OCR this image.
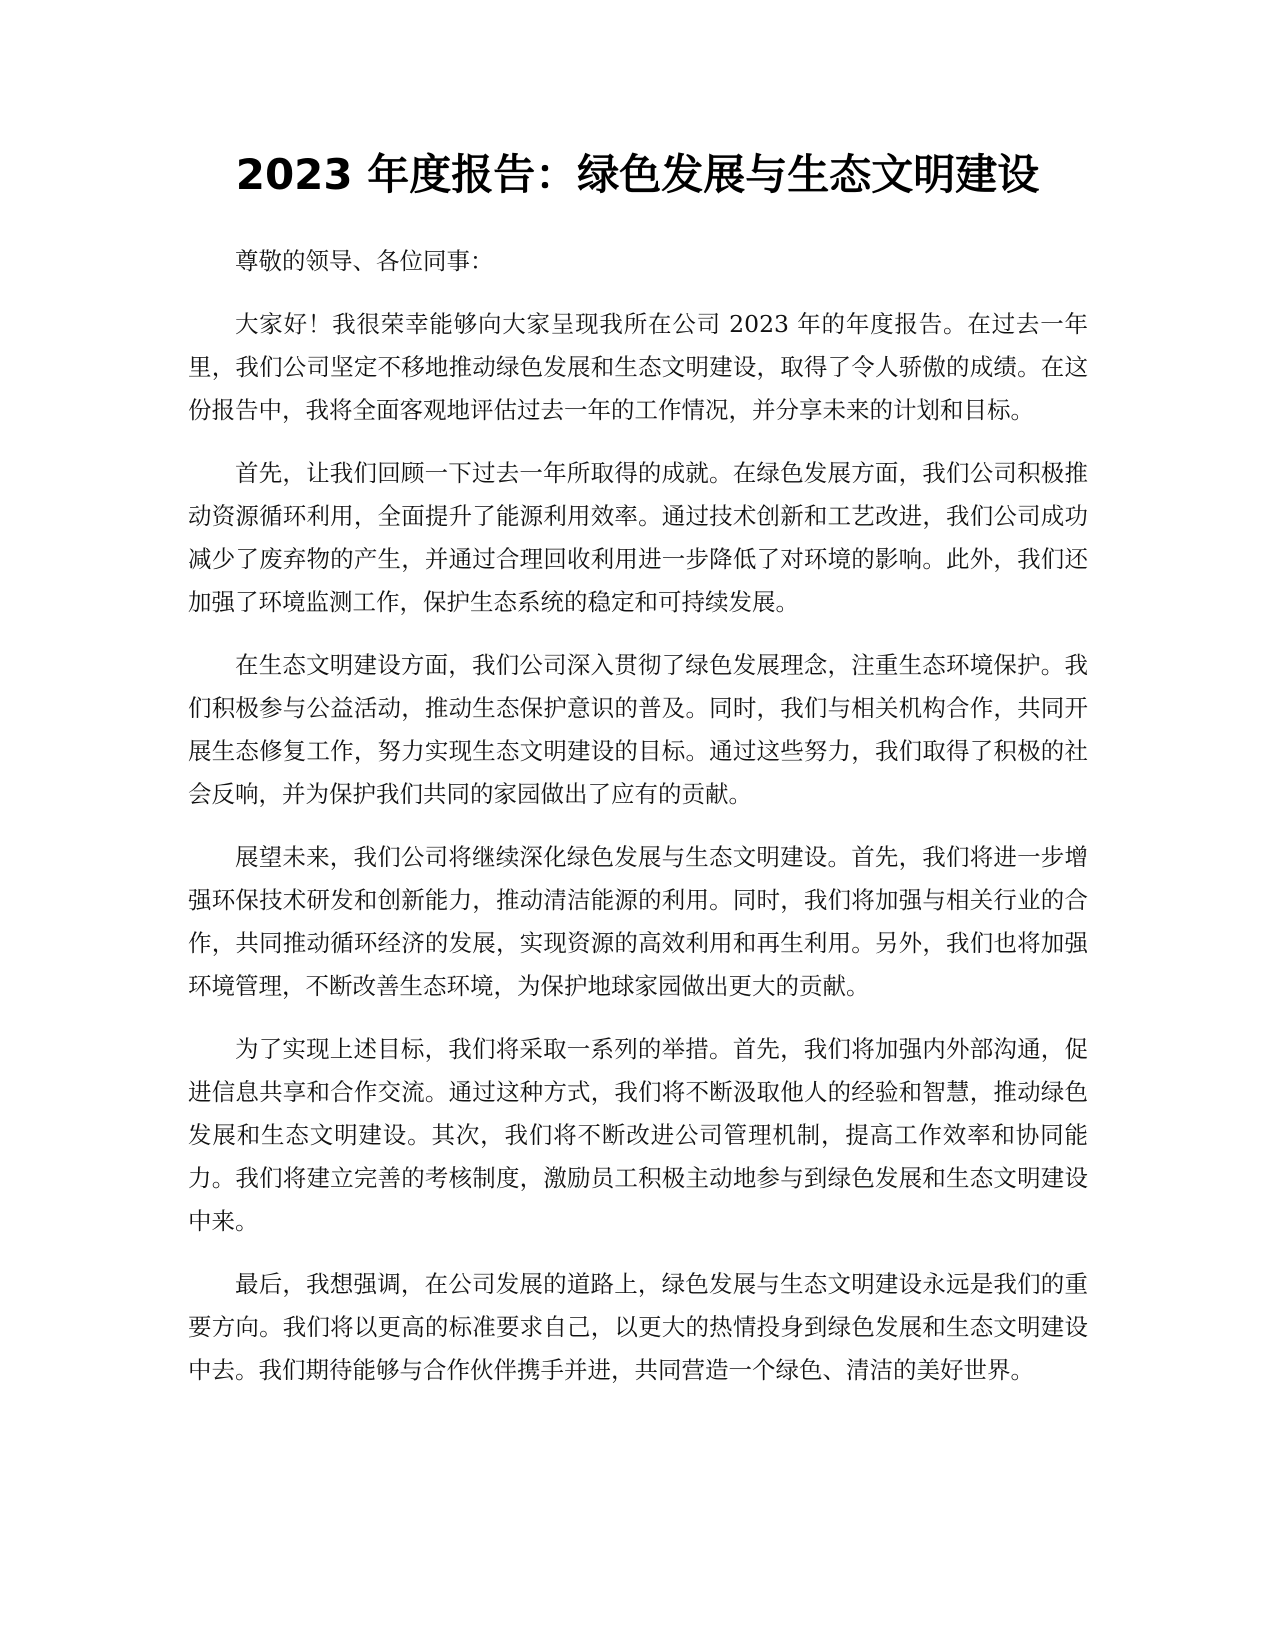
2023 年度报告：绿色发展与生态文明建设

尊敬的领导、各位同事：

大家好！我很荣幸能够向大家呈现我所在公司 2023 年的年度报告。在过去一年里，我们公司坚定不移地推动绿色发展和生态文明建设，取得了令人骄傲的成绩。在这份报告中，我将全面客观地评估过去一年的工作情况，并分享未来的计划和目标。

首先，让我们回顾一下过去一年所取得的成就。在绿色发展方面，我们公司积极推动资源循环利用，全面提升了能源利用效率。通过技术创新和工艺改进，我们公司成功减少了废弃物的产生，并通过合理回收利用进一步降低了对环境的影响。此外，我们还加强了环境监测工作，保护生态系统的稳定和可持续发展。

在生态文明建设方面，我们公司深入贯彻了绿色发展理念，注重生态环境保护。我们积极参与公益活动，推动生态保护意识的普及。同时，我们与相关机构合作，共同开展生态修复工作，努力实现生态文明建设的目标。通过这些努力，我们取得了积极的社会反响，并为保护我们共同的家园做出了应有的贡献。

展望未来，我们公司将继续深化绿色发展与生态文明建设。首先，我们将进一步增强环保技术研发和创新能力，推动清洁能源的利用。同时，我们将加强与相关行业的合作，共同推动循环经济的发展，实现资源的高效利用和再生利用。另外，我们也将加强环境管理，不断改善生态环境，为保护地球家园做出更大的贡献。

为了实现上述目标，我们将采取一系列的举措。首先，我们将加强内外部沟通，促进信息共享和合作交流。通过这种方式，我们将不断汲取他人的经验和智慧，推动绿色发展和生态文明建设。其次，我们将不断改进公司管理机制，提高工作效率和协同能力。我们将建立完善的考核制度，激励员工积极主动地参与到绿色发展和生态文明建设中来。

最后，我想强调，在公司发展的道路上，绿色发展与生态文明建设永远是我们的重要方向。我们将以更高的标准要求自己，以更大的热情投身到绿色发展和生态文明建设中去。我们期待能够与合作伙伴携手并进，共同营造一个绿色、清洁的美好世界。
